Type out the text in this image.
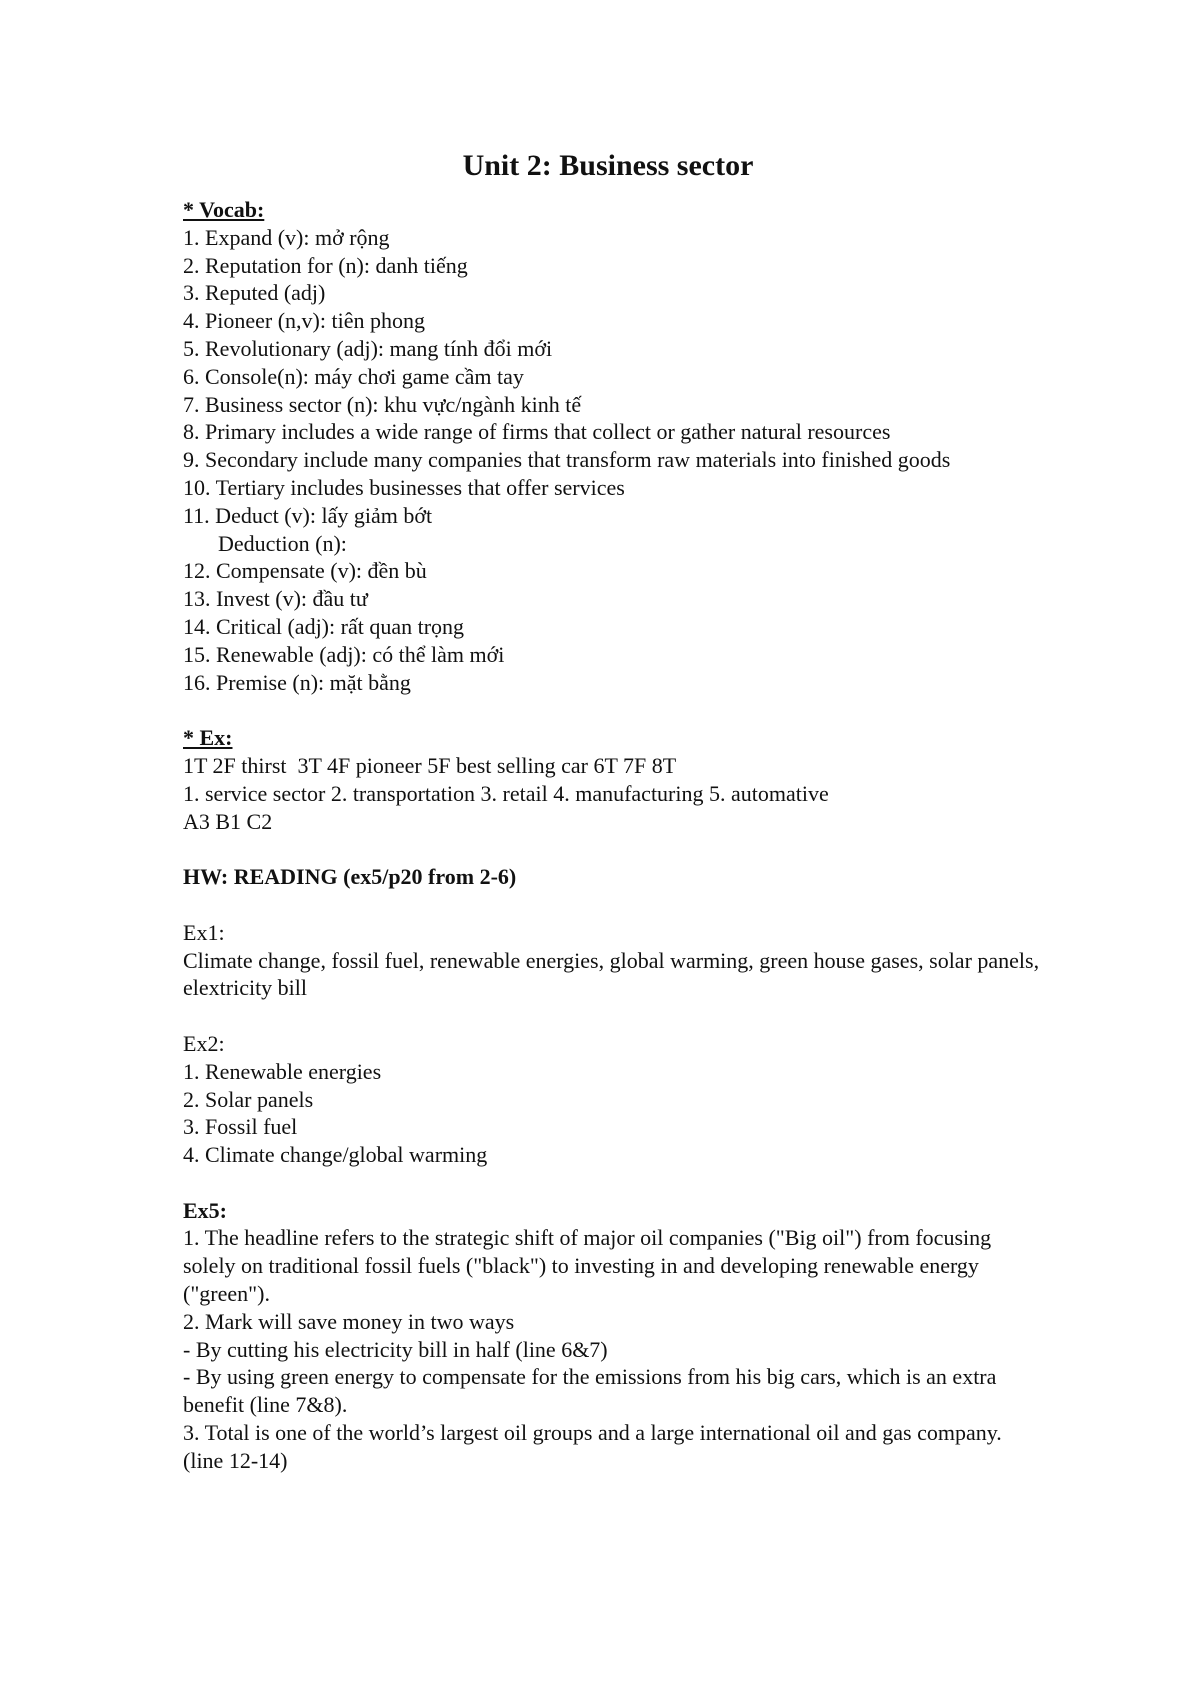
Unit 2: Business sector

* Vocab:

1. Expand (v): mở rộng

2. Reputation for (n): danh tiếng

3. Reputed (adj)

4. Pioneer (n,v): tiên phong

5. Revolutionary (adj): mang tính đổi mới

6. Console(n): máy chơi game cầm tay

7. Business sector (n): khu vực/ngành kinh tế

8. Primary includes a wide range of firms that collect or gather natural resources

9. Secondary include many companies that transform raw materials into finished goods

10. Tertiary includes businesses that offer services

11. Deduct (v): lấy giảm bớt

Deduction (n):

12. Compensate (v): đền bù

13. Invest (v): đầu tư

14. Critical (adj): rất quan trọng

15. Renewable (adj): có thể làm mới

16. Premise (n): mặt bằng

* Ex:

1T 2F thirst  3T 4F pioneer 5F best selling car 6T 7F 8T

1. service sector 2. transportation 3. retail 4. manufacturing 5. automative

A3 B1 C2

HW: READING (ex5/p20 from 2-6)

Ex1:

Climate change, fossil fuel, renewable energies, global warming, green house gases, solar panels, elextricity bill

Ex2:

1. Renewable energies

2. Solar panels

3. Fossil fuel

4. Climate change/global warming

Ex5:

1. The headline refers to the strategic shift of major oil companies ("Big oil") from focusing solely on traditional fossil fuels ("black") to investing in and developing renewable energy ("green").

2. Mark will save money in two ways

- By cutting his electricity bill in half (line 6&7)

- By using green energy to compensate for the emissions from his big cars, which is an extra benefit (line 7&8).

3. Total is one of the world’s largest oil groups and a large international oil and gas company. (line 12-14)
